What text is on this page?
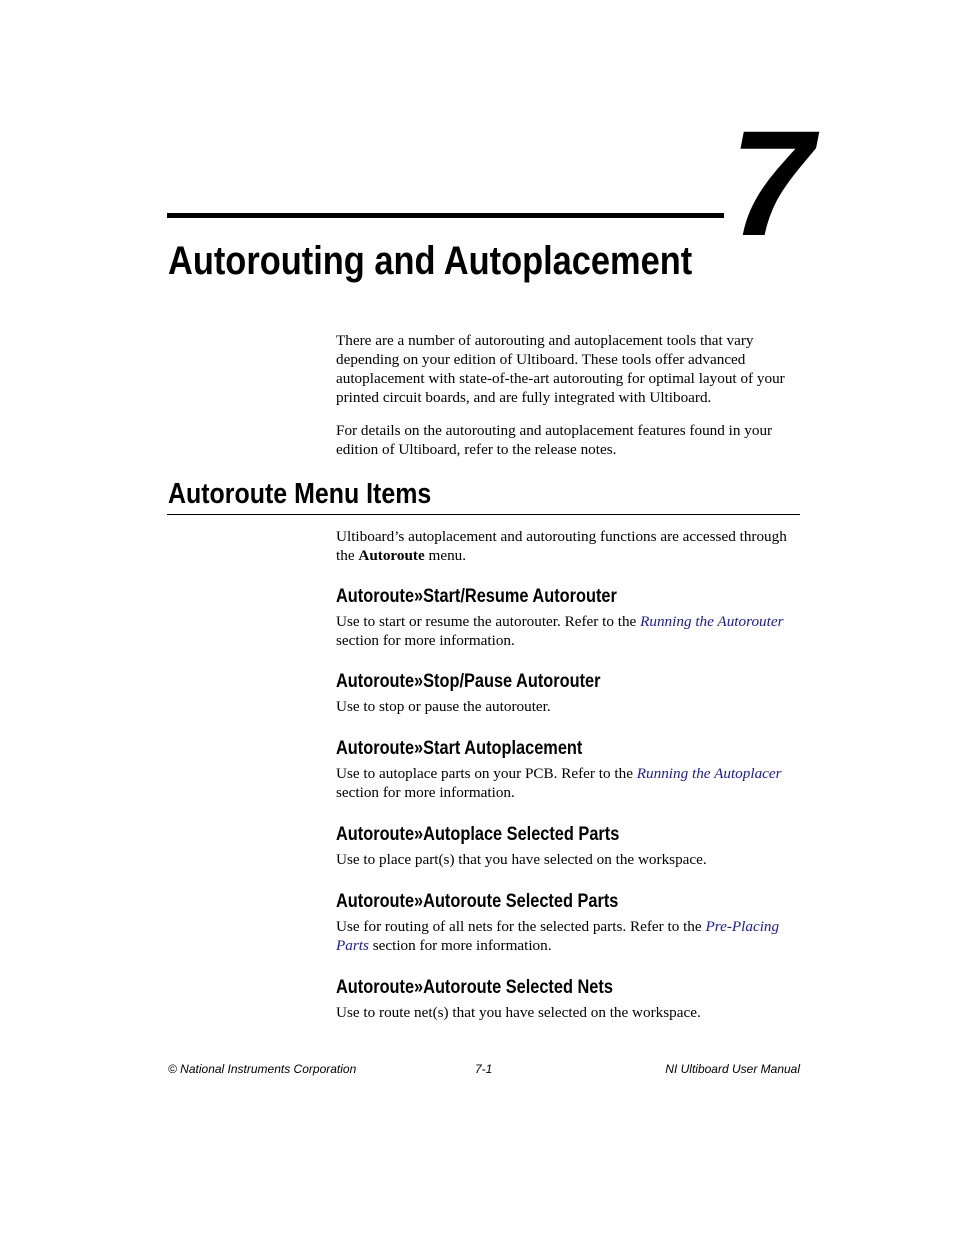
7
Autorouting and Autoplacement

There are a number of autorouting and autoplacement tools that vary depending on your edition of Ultiboard. These tools offer advanced autoplacement with state-of-the-art autorouting for optimal layout of your printed circuit boards, and are fully integrated with Ultiboard.

For details on the autorouting and autoplacement features found in your edition of Ultiboard, refer to the release notes.

Autoroute Menu Items

Ultiboard’s autoplacement and autorouting functions are accessed through the Autoroute menu.

Autoroute»Start/Resume Autorouter

Use to start or resume the autorouter. Refer to the Running the Autorouter section for more information.

Autoroute»Stop/Pause Autorouter

Use to stop or pause the autorouter.

Autoroute»Start Autoplacement

Use to autoplace parts on your PCB. Refer to the Running the Autoplacer section for more information.

Autoroute»Autoplace Selected Parts

Use to place part(s) that you have selected on the workspace.

Autoroute»Autoroute Selected Parts

Use for routing of all nets for the selected parts. Refer to the Pre-Placing Parts section for more information.

Autoroute»Autoroute Selected Nets

Use to route net(s) that you have selected on the workspace.

© National Instruments Corporation	7-1	NI Ultiboard User Manual
